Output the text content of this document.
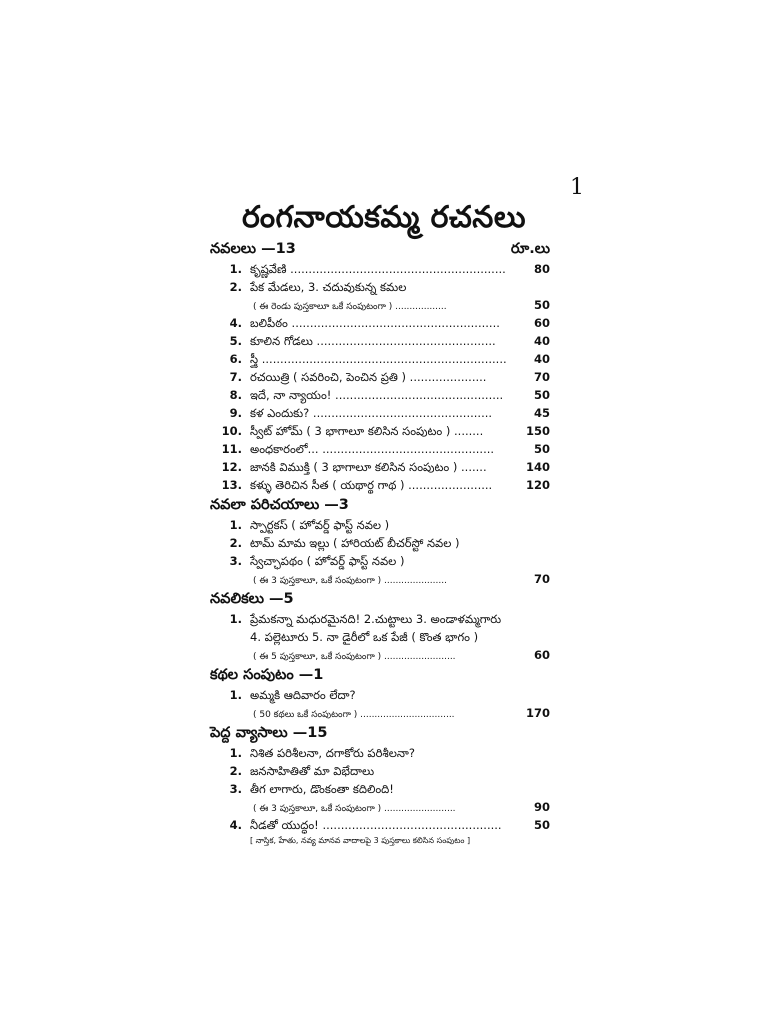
1
రంగనాయకమ్మ రచనలు
నవలలు —13	రూ.లు
1. కృష్ణవేణి ...........................................................	80
2. పేక మేడలు, 3. చదువుకున్న కమల
( ఈ రెండు పుస్తకాలూ ఒకే సంపుటంగా ) ..................	50
4. బలిపీఠం .........................................................	60
5. కూలిన గోడలు .................................................	40
6. స్త్రీ ...................................................................	40
7. రచయిత్రి ( సవరించి, పెంచిన ప్రతి ) .....................	70
8. ఇదే, నా న్యాయం! ..............................................	50
9. కళ ఎందుకు? .................................................	45
10. స్వీట్ హోమ్ ( 3 భాగాలూ కలిసిన సంపుటం ) ........	150
11. అంధకారంలో... ...............................................	50
12. జానకి విముక్తి ( 3 భాగాలూ కలిసిన సంపుటం ) .......	140
13. కళ్ళు తెరిచిన సీత ( యథార్థ గాథ ) .......................	120
నవలా పరిచయాలు —3
1. స్పార్టకస్ ( హోవర్డ్ ఫాస్ట్ నవల )
2. టామ్ మామ ఇల్లు ( హారియట్ బీచర్‌స్టో నవల )
3. స్వేచ్ఛాపథం ( హోవర్డ్ ఫాస్ట్ నవల )
( ఈ 3 పుస్తకాలూ, ఒకే సంపుటంగా ) ......................	70
నవలికలు —5
1. ప్రేమకన్నా మధురమైనది! 2.చుట్టాలు 3. అండాళమ్మగారు
4. పల్లెటూరు 5. నా డైరీలో ఒక పేజీ ( కొంత భాగం )
( ఈ 5 పుస్తకాలూ, ఒకే సంపుటంగా ) .........................	60
కథల సంపుటం —1
1. అమ్మకి ఆదివారం లేదా?
( 50 కథలు ఒకే సంపుటంగా ) .................................	170
పెద్ద వ్యాసాలు —15
1. నిశిత పరిశీలనా, దగాకోరు పరిశీలనా?
2. జనసాహితితో మా విభేదాలు
3. తీగ లాగారు, డొంకంతా కదిలింది!
( ఈ 3 పుస్తకాలూ, ఒకే సంపుటంగా ) .........................	90
4. నీడతో యుద్ధం! .................................................	50
[ నాస్తిక, హేతు, నవ్య మానవ వాదాలపై 3 పుస్తకాలు కలిసిన సంపుటం ]
